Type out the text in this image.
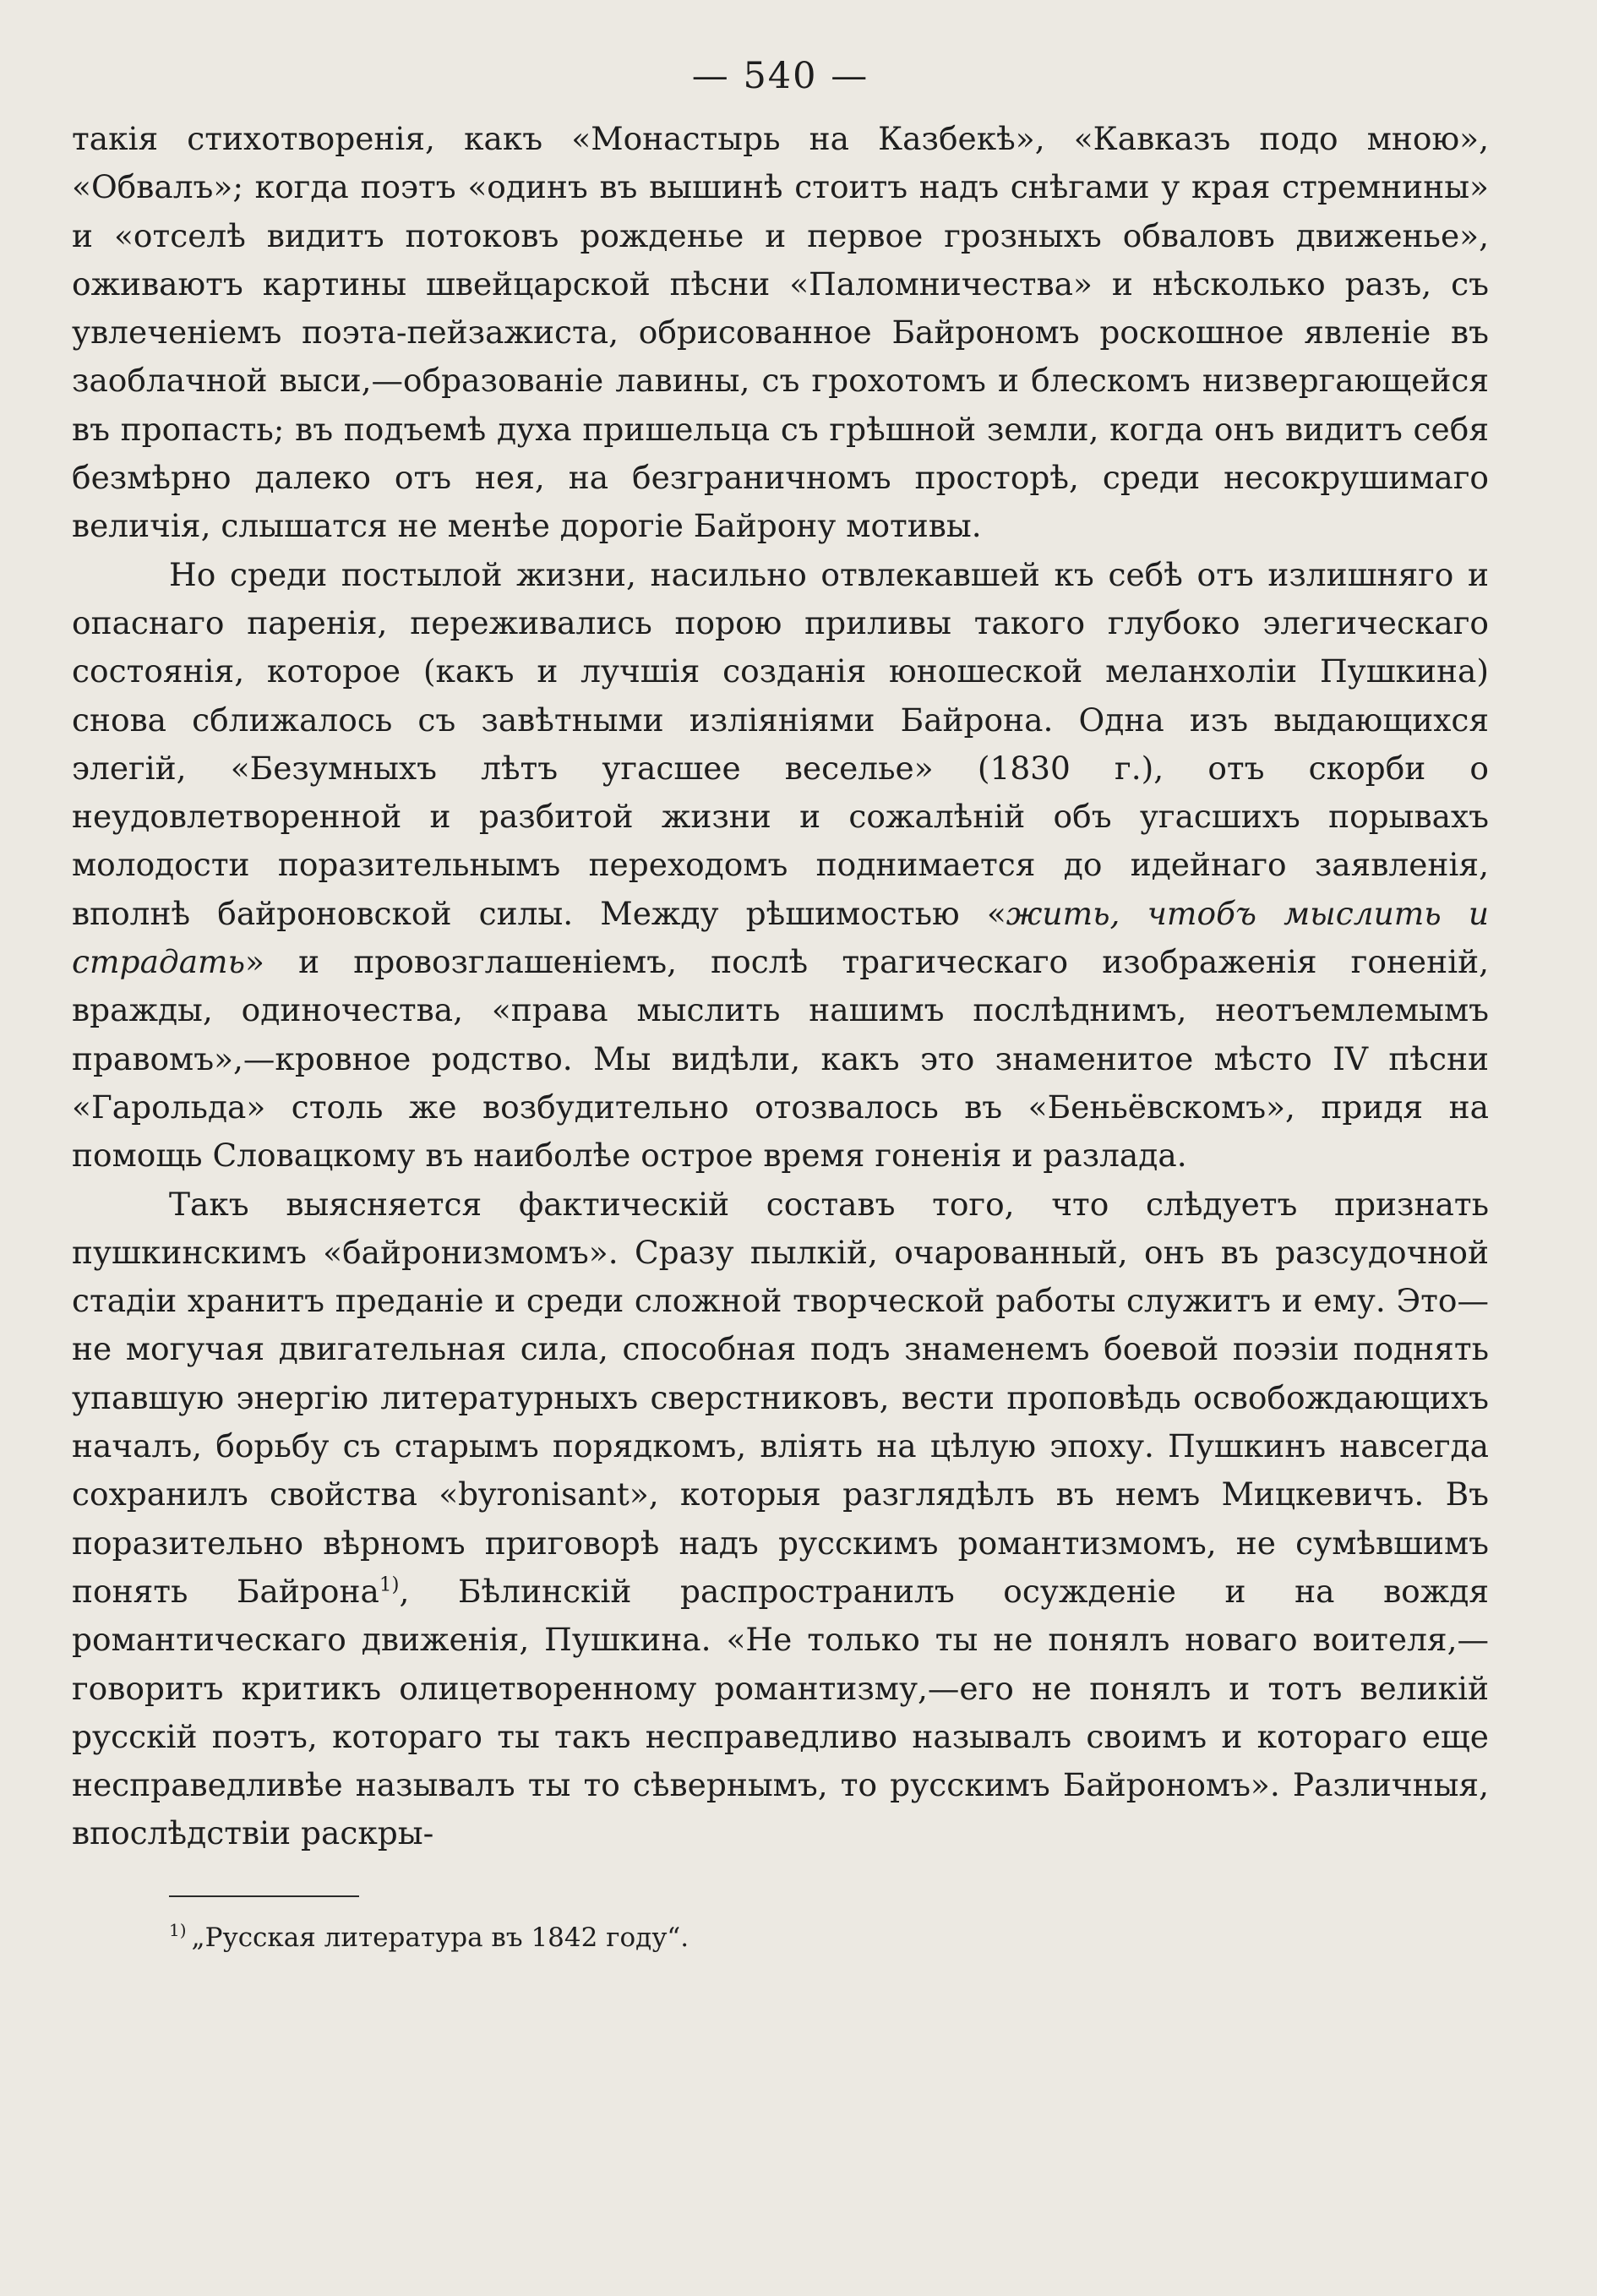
— 540 —

такія стихотворенія, какъ «Монастырь на Казбекѣ», «Кавказъ подо мною», «Обвалъ»; когда поэтъ «одинъ въ вышинѣ стоитъ надъ снѣгами у края стремнины» и «отселѣ видитъ потоковъ рожденье и первое грозныхъ обваловъ движенье», оживаютъ картины швейцарской пѣсни «Паломничества» и нѣсколько разъ, съ увлеченіемъ поэта-пейзажиста, обрисованное Байрономъ роскошное явленіе въ заоблачной выси,—образованіе лавины, съ грохотомъ и блескомъ низвергающейся въ пропасть; въ подъемѣ духа пришельца съ грѣшной земли, когда онъ видитъ себя безмѣрно далеко отъ нея, на безграничномъ просторѣ, среди несокрушимаго величія, слышатся не менѣе дорогіе Байрону мотивы.

Но среди постылой жизни, насильно отвлекавшей къ себѣ отъ излишняго и опаснаго паренія, переживались порою приливы такого глубоко элегическаго состоянія, которое (какъ и лучшія созданія юношеской меланхоліи Пушкина) снова сближалось съ завѣтными изліяніями Байрона. Одна изъ выдающихся элегій, «Безумныхъ лѣтъ угасшее веселье» (1830 г.), отъ скорби о неудовлетворенной и разбитой жизни и сожалѣній объ угасшихъ порывахъ молодости поразительнымъ переходомъ поднимается до идейнаго заявленія, вполнѣ байроновской силы. Между рѣшимостью «жить, чтобъ мыслить и страдать» и провозглашеніемъ, послѣ трагическаго изображенія гоненій, вражды, одиночества, «права мыслить нашимъ послѣднимъ, неотъемлемымъ правомъ»,—кровное родство. Мы видѣли, какъ это знаменитое мѣсто IV пѣсни «Гарольда» столь же возбудительно отозвалось въ «Беньёвскомъ», придя на помощь Словацкому въ наиболѣе острое время гоненія и разлада.

Такъ выясняется фактическій составъ того, что слѣдуетъ признать пушкинскимъ «байронизмомъ». Сразу пылкій, очарованный, онъ въ разсудочной стадіи хранитъ преданіе и среди сложной творческой работы служитъ и ему. Это—не могучая двигательная сила, способная подъ знаменемъ боевой поэзіи поднять упавшую энергію литературныхъ сверстниковъ, вести проповѣдь освобождающихъ началъ, борьбу съ старымъ порядкомъ, вліять на цѣлую эпоху. Пушкинъ навсегда сохранилъ свойства «byronisant», которыя разглядѣлъ въ немъ Мицкевичъ. Въ поразительно вѣрномъ приговорѣ надъ русскимъ романтизмомъ, не сумѣвшимъ понять Байрона$^{1)}$, Бѣлинскій распространилъ осужденіе и на вождя романтическаго движенія, Пушкина. «Не только ты не понялъ новаго воителя,—говоритъ критикъ олицетворенному романтизму,—его не понялъ и тотъ великій русскій поэтъ, котораго ты такъ несправедливо называлъ своимъ и котораго еще несправедливѣе называлъ ты то сѣвернымъ, то русскимъ Байрономъ». Различныя, впослѣдствіи раскры-

$^{1)}$ „Русская литература въ 1842 году“.
